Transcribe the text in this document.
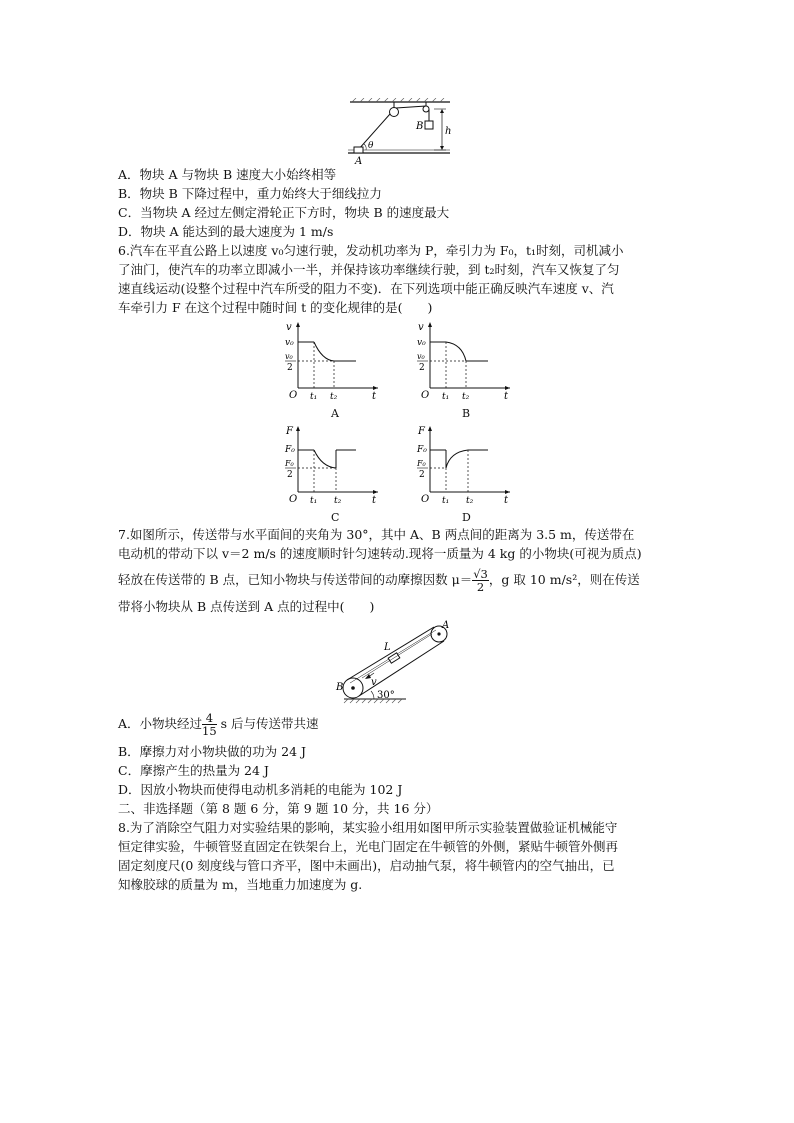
θ
B h
A
A．物块 A 与物块 B 速度大小始终相等
B．物块 B 下降过程中，重力始终大于细线拉力
C．当物块 A 经过左侧定滑轮正下方时，物块 B 的速度最大
D．物块 A 能达到的最大速度为 1 m/s
6.汽车在平直公路上以速度 v₀匀速行驶，发动机功率为 P，牵引力为 F₀，t₁时刻，司机减小
了油门，使汽车的功率立即减小一半，并保持该功率继续行驶，到 t₂时刻，汽车又恢复了匀
速直线运动(设整个过程中汽车所受的阻力不变)．在下列选项中能正确反映汽车速度 v、汽
车牵引力 F 在这个过程中随时间 t 的变化规律的是(　　)
v
v₀
v₀
2
O	t
t₁ t₂
A
v
v₀
v₀
2
O	t
t₁ t₂
B
F
F₀
F₀
2
O	t
t₁ t₂
C
F
F₀
F₀
2
O	t
t₁ t₂
D
7.如图所示，传送带与水平面间的夹角为 30°，其中 A、B 两点间的距离为 3.5 m，传送带在
电动机的带动下以 v＝2 m/s 的速度顺时针匀速转动.现将一质量为 4 kg 的小物块(可视为质点)
轻放在传送带的 B 点，已知小物块与传送带间的动摩擦因数 $\mu= \frac{√3}{2}$ ，g 取 10 m/s²，则在传送
带将小物块从 B 点传送到 A 点的过程中(　　)
L
v
A
B
30°
A．小物块经过 $\frac{4}{15}$ s 后与传送带共速
B．摩擦力对小物块做的功为 24 J
C．摩擦产生的热量为 24 J
D．因放小物块而使得电动机多消耗的电能为 102 J
二、非选择题（第 8 题 6 分，第 9 题 10 分，共 16 分）
8.为了消除空气阻力对实验结果的影响，某实验小组用如图甲所示实验装置做验证机械能守
恒定律实验，牛顿管竖直固定在铁架台上，光电门固定在牛顿管的外侧，紧贴牛顿管外侧再
固定刻度尺(0 刻度线与管口齐平，图中未画出)，启动抽气泵，将牛顿管内的空气抽出，已
知橡胶球的质量为 m，当地重力加速度为 g.
